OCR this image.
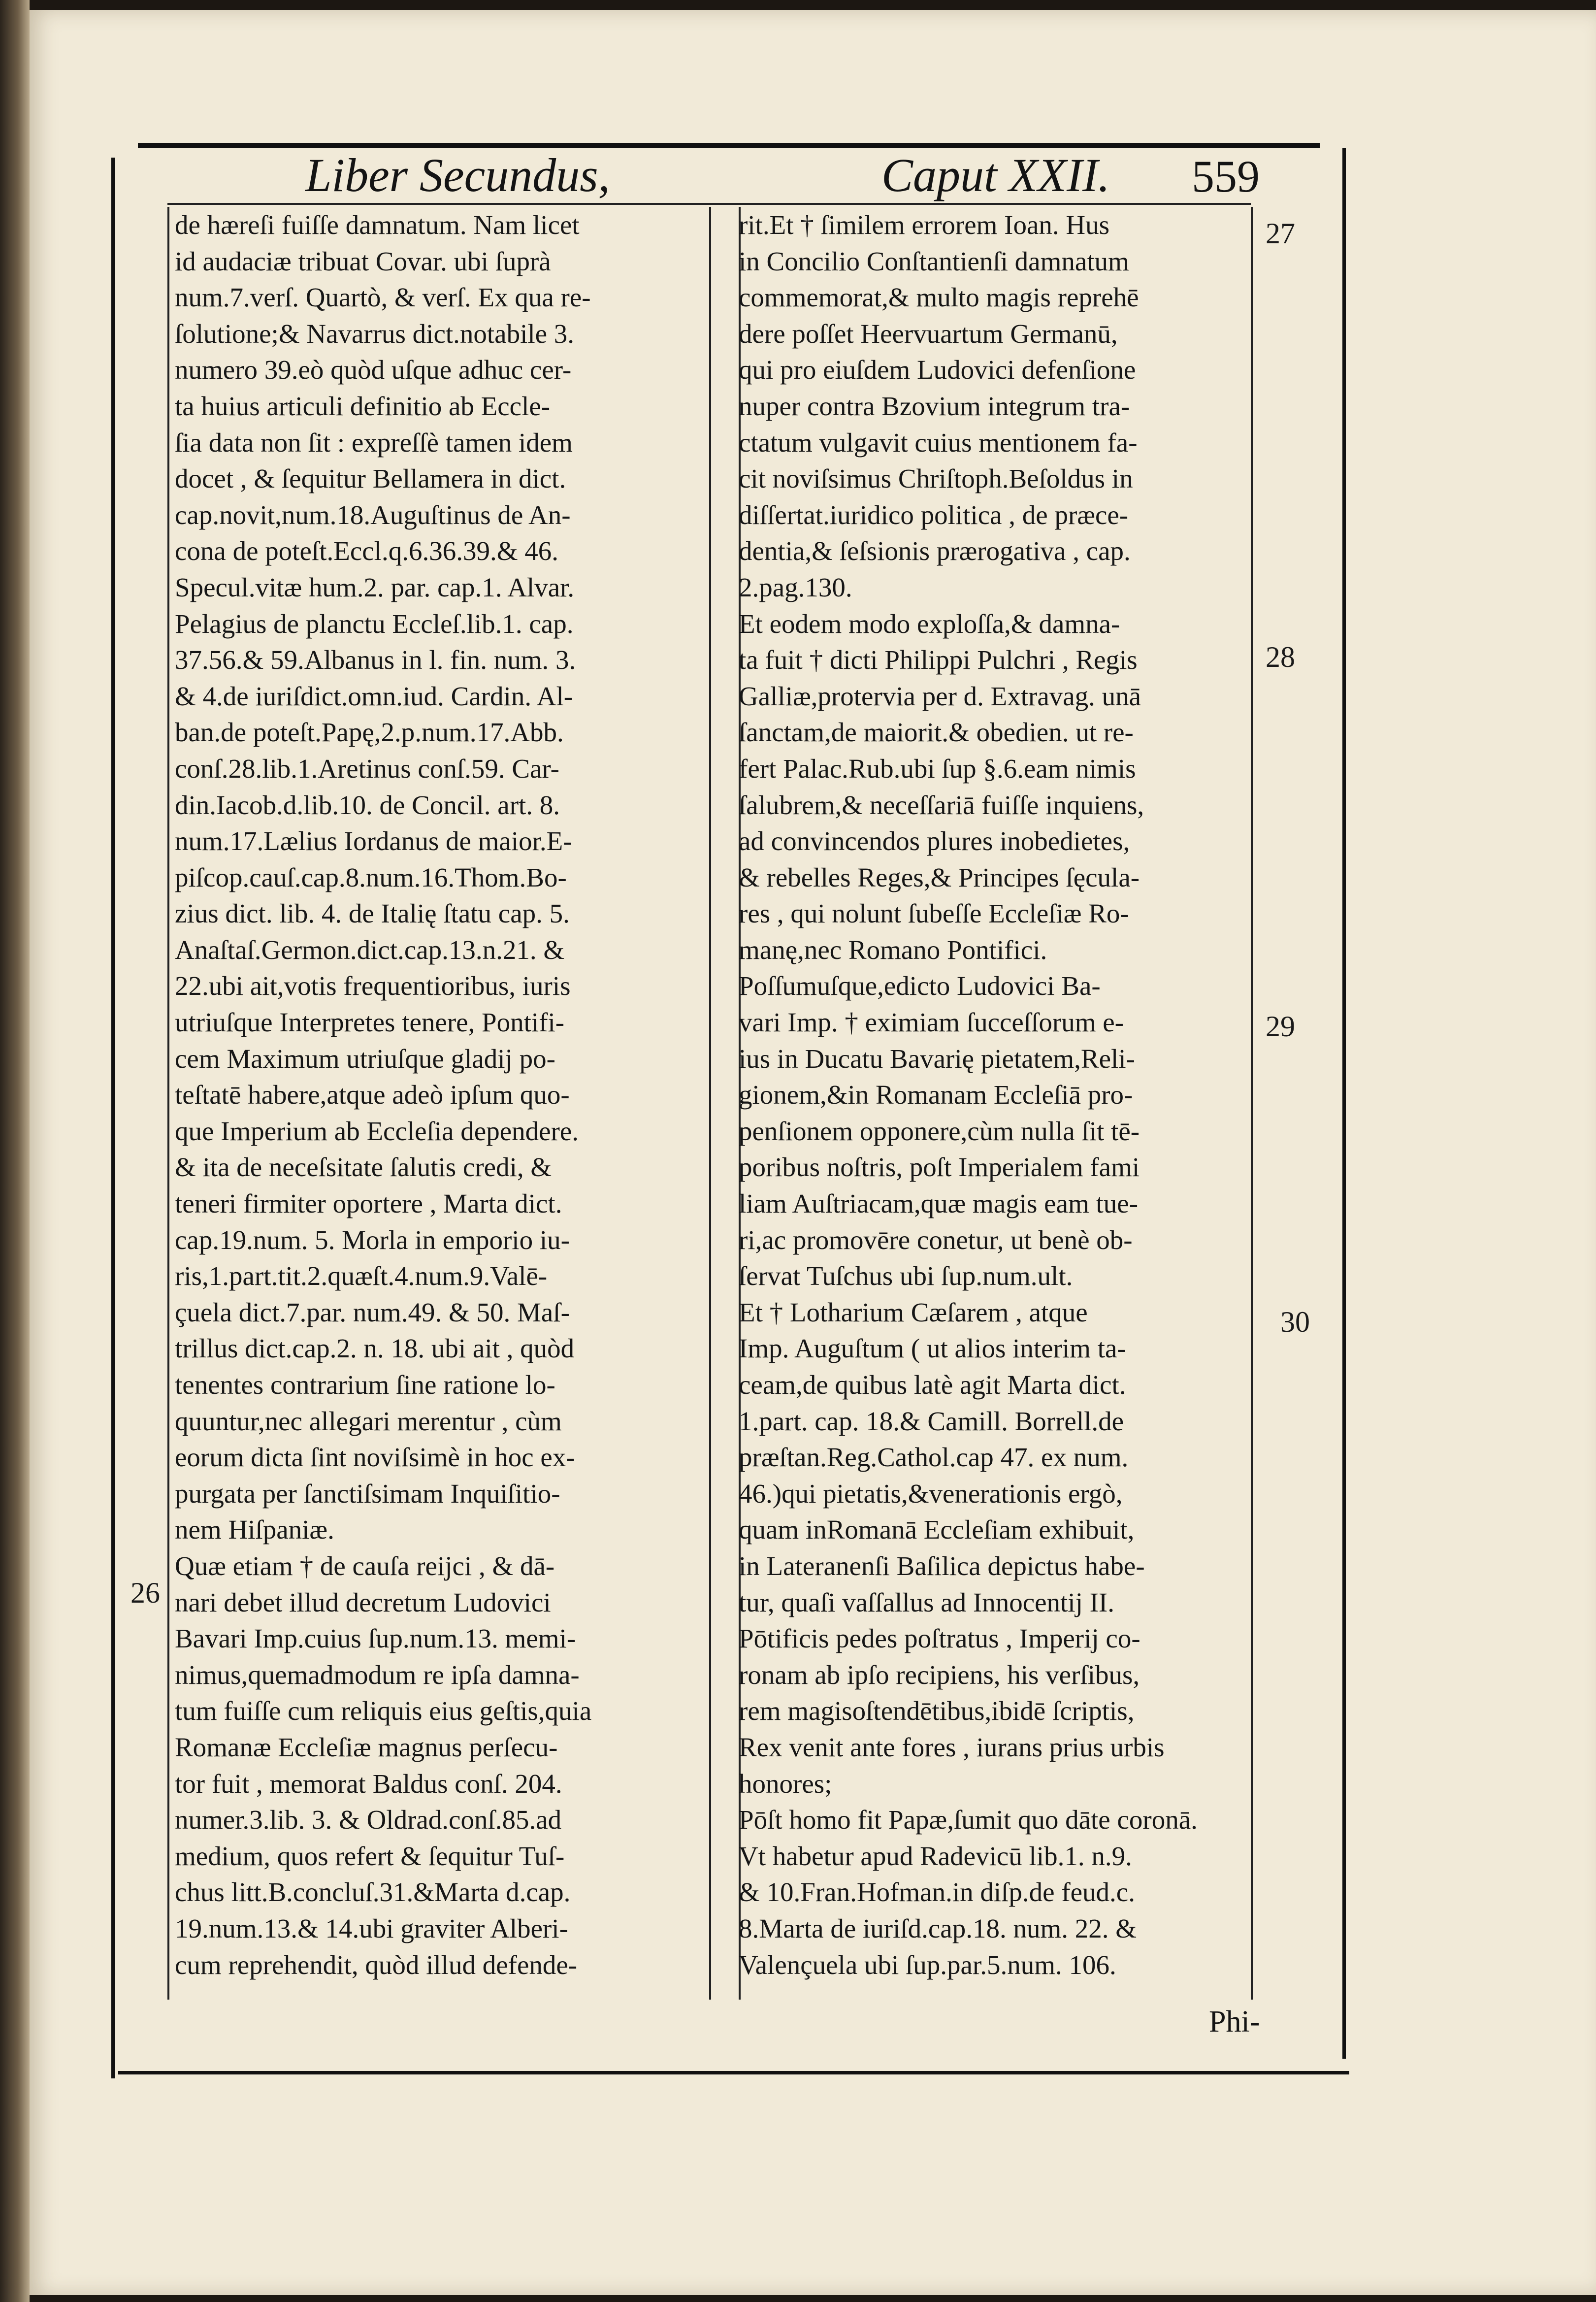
Liber Secundus,	Caput XXII. 559
de hæreſi fuiſſe damnatum. Nam licet
id audaciæ tribuat Covar. ubi ſuprà
num.7.verſ. Quartò, & verſ. Ex qua re-
ſolutione;& Navarrus dict.notabile 3.
numero 39.eò quòd uſque adhuc cer-
ta huius articuli definitio ab Eccle-
ſia data non ſit : expreſſè tamen idem
docet , & ſequitur Bellamera in dict.
cap.novit,num.18.Auguſtinus de An-
cona de poteſt.Eccl.q.6.36.39.& 46.
Specul.vitæ hum.2. par. cap.1. Alvar.
Pelagius de planctu Eccleſ.lib.1. cap.
37.56.& 59.Albanus in l. fin. num. 3.
& 4.de iuriſdict.omn.iud. Cardin. Al-
ban.de poteſt.Papę,2.p.num.17.Abb.
conſ.28.lib.1.Aretinus conſ.59. Car-
din.Iacob.d.lib.10. de Concil. art. 8.
num.17.Lælius Iordanus de maior.E-
piſcop.cauſ.cap.8.num.16.Thom.Bo-
zius dict. lib. 4. de Italię ſtatu cap. 5.
Anaſtaſ.Germon.dict.cap.13.n.21. &
22.ubi ait,votis frequentioribus, iuris
utriuſque Interpretes tenere, Pontifi-
cem Maximum utriuſque gladij po-
teſtatē habere,atque adeò ipſum quo-
que Imperium ab Eccleſia dependere.
& ita de neceſsitate ſalutis credi, &
teneri firmiter oportere , Marta dict.
cap.19.num. 5. Morla in emporio iu-
ris,1.part.tit.2.quæſt.4.num.9.Valē-
çuela dict.7.par. num.49. & 50. Maſ-
trillus dict.cap.2. n. 18. ubi ait , quòd
tenentes contrarium ſine ratione lo-
quuntur,nec allegari merentur , cùm
eorum dicta ſint noviſsimè in hoc ex-
purgata per ſanctiſsimam Inquiſitio-
nem Hiſpaniæ.
Quæ etiam † de cauſa reijci , & dā-
nari debet illud decretum Ludovici
Bavari Imp.cuius ſup.num.13. memi-
nimus,quemadmodum re ipſa damna-
tum fuiſſe cum reliquis eius geſtis,quia
Romanæ Eccleſiæ magnus perſecu-
tor fuit , memorat Baldus conſ. 204.
numer.3.lib. 3. & Oldrad.conſ.85.ad
medium, quos refert & ſequitur Tuſ-
chus litt.B.concluſ.31.&Marta d.cap.
19.num.13.& 14.ubi graviter Alberi-
cum reprehendit, quòd illud defende-
rit.Et † ſimilem errorem Ioan. Hus
in Concilio Conſtantienſi damnatum
commemorat,& multo magis reprehē
dere poſſet Heervuartum Germanū,
qui pro eiuſdem Ludovici defenſione
nuper contra Bzovium integrum tra-
ctatum vulgavit cuius mentionem fa-
cit noviſsimus Chriſtoph.Beſoldus in
diſſertat.iuridico politica , de præce-
dentia,& ſeſsionis prærogativa , cap.
2.pag.130.
Et eodem modo exploſſa,& damna-
ta fuit † dicti Philippi Pulchri , Regis
Galliæ,protervia per d. Extravag. unā
ſanctam,de maiorit.& obedien. ut re-
fert Palac.Rub.ubi ſup §.6.eam nimis
ſalubrem,& neceſſariā fuiſſe inquiens,
ad convincendos plures inobedietes,
& rebelles Reges,& Principes ſęcula-
res , qui nolunt ſubeſſe Eccleſiæ Ro-
manę,nec Romano Pontifici.
Poſſumuſque,edicto Ludovici Ba-
vari Imp. † eximiam ſucceſſorum e-
ius in Ducatu Bavarię pietatem,Reli-
gionem,&in Romanam Eccleſiā pro-
penſionem opponere,cùm nulla ſit tē-
poribus noſtris, poſt Imperialem fami
liam Auſtriacam,quæ magis eam tue-
ri,ac promovēre conetur, ut benè ob-
ſervat Tuſchus ubi ſup.num.ult.
Et † Lotharium Cæſarem , atque
Imp. Auguſtum ( ut alios interim ta-
ceam,de quibus latè agit Marta dict.
1.part. cap. 18.& Camill. Borrell.de
præſtan.Reg.Cathol.cap 47. ex num.
46.)qui pietatis,&venerationis ergò,
quam inRomanā Eccleſiam exhibuit,
in Lateranenſi Baſilica depictus habe-
tur, quaſi vaſſallus ad Innocentij II.
Pōtificis pedes poſtratus , Imperij co-
ronam ab ipſo recipiens, his verſibus,
rem magisoſtendētibus,ibidē ſcriptis,
Rex venit ante fores , iurans prius urbis
honores;
Pōſt homo fit Papæ,ſumit quo dāte coronā.
Vt habetur apud Radevicū lib.1. n.9.
& 10.Fran.Hofman.in diſp.de feud.c.
8.Marta de iuriſd.cap.18. num. 22. &
Valençuela ubi ſup.par.5.num. 106.
27
28
29
30
26
Phi-
